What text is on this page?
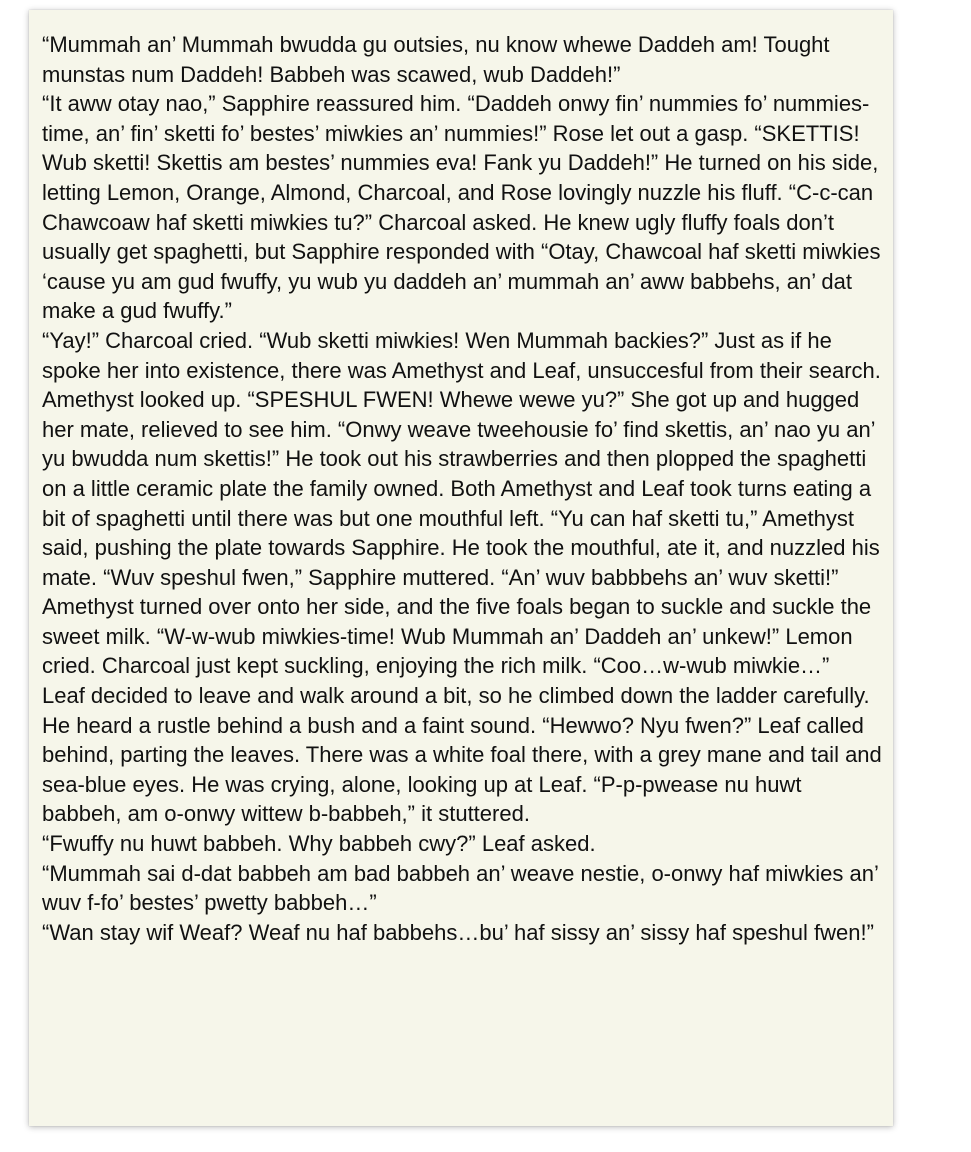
“Mummah an’ Mummah bwudda gu outsies, nu know whewe Daddeh am! Tought munstas num Daddeh! Babbeh was scawed, wub Daddeh!”

“It aww otay nao,” Sapphire reassured him. “Daddeh onwy fin’ nummies fo’ nummies-time, an’ fin’ sketti fo’ bestes’ miwkies an’ nummies!” Rose let out a gasp. “SKETTIS! Wub sketti! Skettis am bestes’ nummies eva! Fank yu Daddeh!” He turned on his side, letting Lemon, Orange, Almond, Charcoal, and Rose lovingly nuzzle his fluff. “C-c-can Chawcoaw haf sketti miwkies tu?” Charcoal asked. He knew ugly fluffy foals don’t usually get spaghetti, but Sapphire responded with “Otay, Chawcoal haf sketti miwkies ‘cause yu am gud fwuffy, yu wub yu daddeh an’ mummah an’ aww babbehs, an’ dat make a gud fwuffy.”

“Yay!” Charcoal cried. “Wub sketti miwkies! Wen Mummah backies?” Just as if he spoke her into existence, there was Amethyst and Leaf, unsuccesful from their search. Amethyst looked up. “SPESHUL FWEN! Whewe wewe yu?” She got up and hugged her mate, relieved to see him. “Onwy weave tweehousie fo’ find skettis, an’ nao yu an’ yu bwudda num skettis!” He took out his strawberries and then plopped the spaghetti on a little ceramic plate the family owned. Both Amethyst and Leaf took turns eating a bit of spaghetti until there was but one mouthful left. “Yu can haf sketti tu,” Amethyst said, pushing the plate towards Sapphire. He took the mouthful, ate it, and nuzzled his mate. “Wuv speshul fwen,” Sapphire muttered. “An’ wuv babbbehs an’ wuv sketti!” Amethyst turned over onto her side, and the five foals began to suckle and suckle the sweet milk. “W-w-wub miwkies-time! Wub Mummah an’ Daddeh an’ unkew!” Lemon cried. Charcoal just kept suckling, enjoying the rich milk. “Coo…w-wub miwkie…”

Leaf decided to leave and walk around a bit, so he climbed down the ladder carefully. He heard a rustle behind a bush and a faint sound. “Hewwo? Nyu fwen?” Leaf called behind, parting the leaves. There was a white foal there, with a grey mane and tail and sea-blue eyes. He was crying, alone, looking up at Leaf. “P-p-pwease nu huwt babbeh, am o-onwy wittew b-babbeh,” it stuttered.

“Fwuffy nu huwt babbeh. Why babbeh cwy?” Leaf asked.

“Mummah sai d-dat babbeh am bad babbeh an’ weave nestie, o-onwy haf miwkies an’ wuv f-fo’ bestes’ pwetty babbeh…”

“Wan stay wif Weaf? Weaf nu haf babbehs…bu’ haf sissy an’ sissy haf speshul fwen!”
